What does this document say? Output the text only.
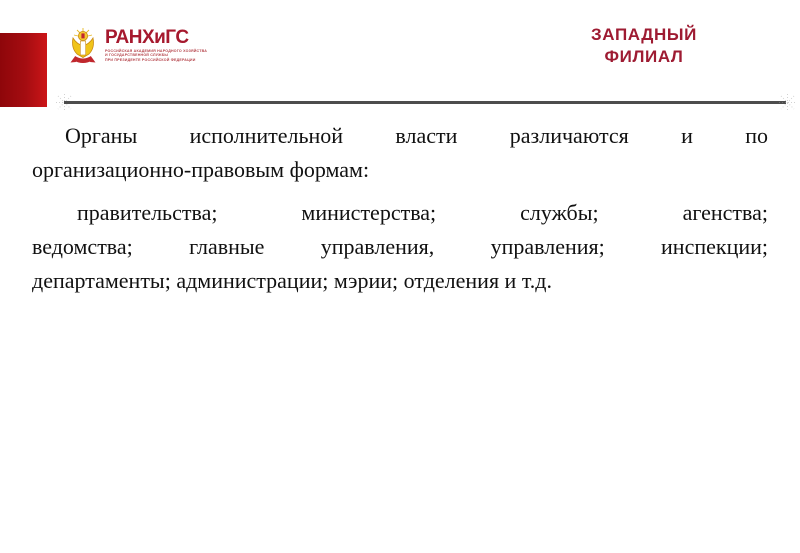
РАНХиГС
РОССИЙСКАЯ АКАДЕМИЯ НАРОДНОГО ХОЗЯЙСТВА
И ГОСУДАРСТВЕННОЙ СЛУЖБЫ
ПРИ ПРЕЗИДЕНТЕ РОССИЙСКОЙ ФЕДЕРАЦИИ
ЗАПАДНЫЙ
ФИЛИАЛ
Органы исполнительной власти различаются и по
организационно-правовым формам:
правительства; министерства; службы; агенства;
ведомства; главные управления, управления; инспекции;
департаменты; администрации; мэрии; отделения и т.д.
